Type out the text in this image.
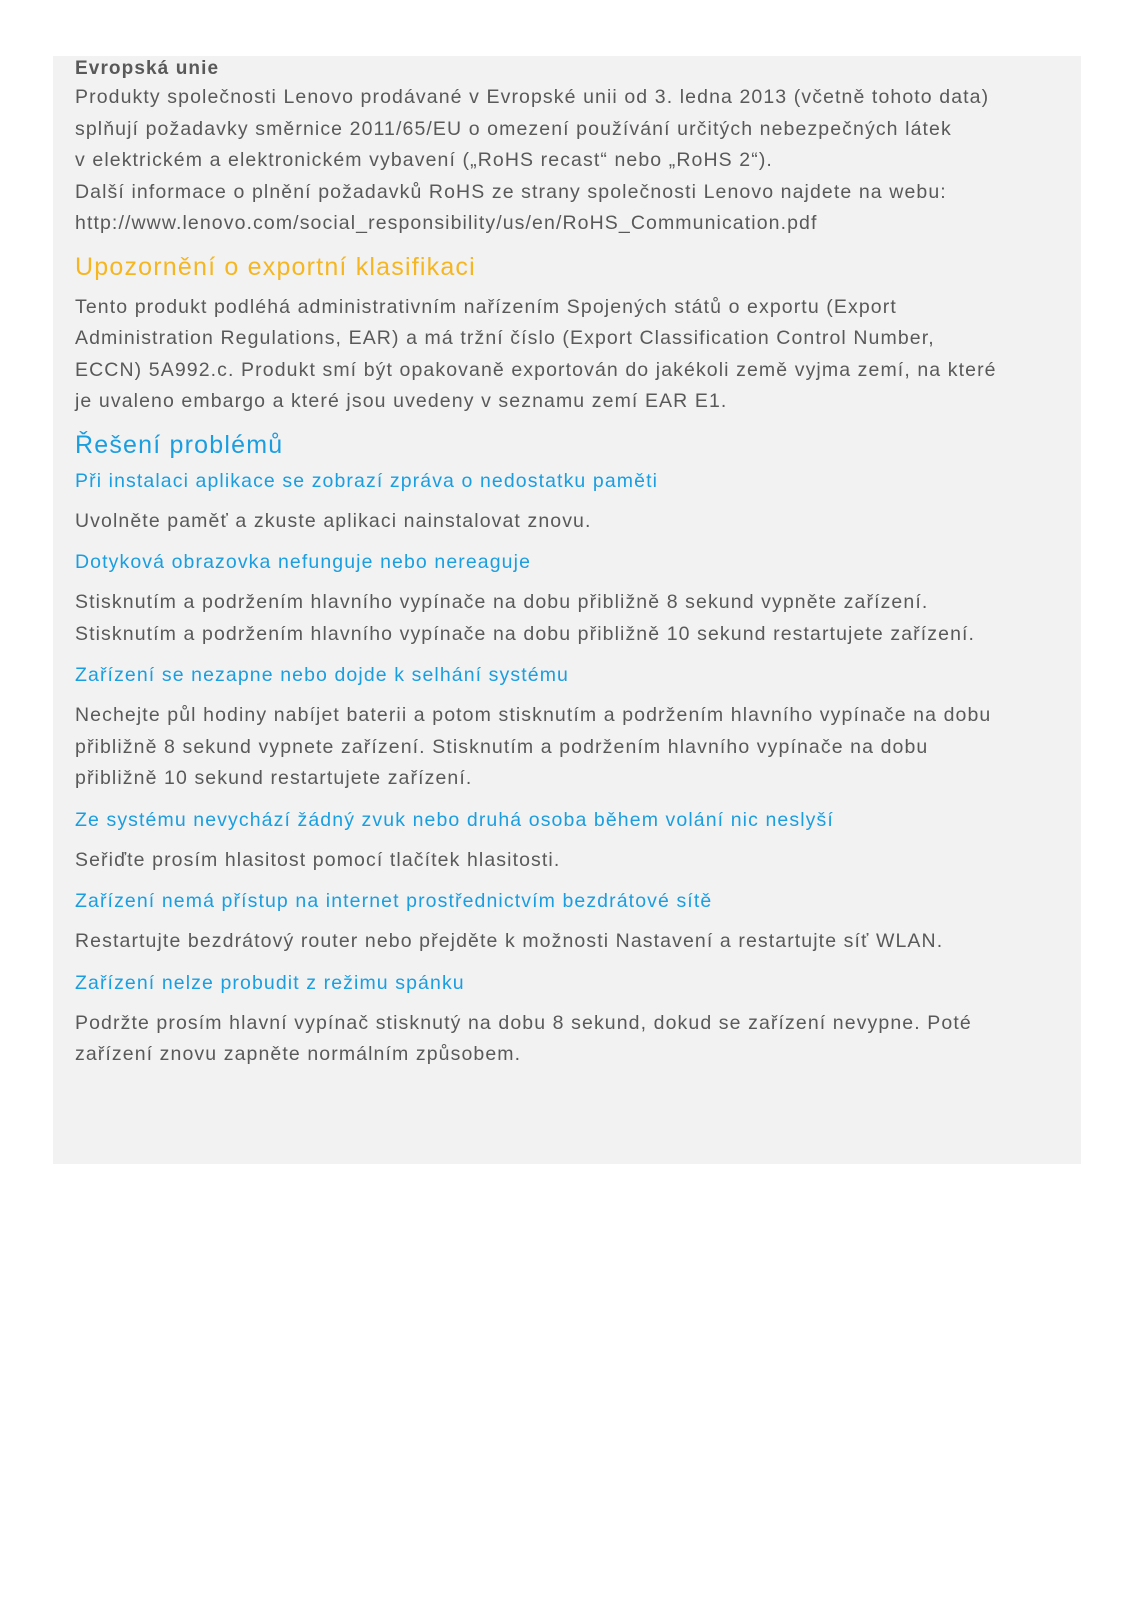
Evropská unie
Produkty společnosti Lenovo prodávané v Evropské unii od 3. ledna 2013 (včetně tohoto data)
splňují požadavky směrnice 2011/65/EU o omezení používání určitých nebezpečných látek
v elektrickém a elektronickém vybavení („RoHS recast“ nebo „RoHS 2“).
Další informace o plnění požadavků RoHS ze strany společnosti Lenovo najdete na webu:
http://www.lenovo.com/social_responsibility/us/en/RoHS_Communication.pdf
Upozornění o exportní klasifikaci
Tento produkt podléhá administrativním nařízením Spojených států o exportu (Export
Administration Regulations, EAR) a má tržní číslo (Export Classification Control Number,
ECCN) 5A992.c. Produkt smí být opakovaně exportován do jakékoli země vyjma zemí, na které
je uvaleno embargo a které jsou uvedeny v seznamu zemí EAR E1.
Řešení problémů
Při instalaci aplikace se zobrazí zpráva o nedostatku paměti
Uvolněte paměť a zkuste aplikaci nainstalovat znovu.
Dotyková obrazovka nefunguje nebo nereaguje
Stisknutím a podržením hlavního vypínače na dobu přibližně 8 sekund vypněte zařízení.
Stisknutím a podržením hlavního vypínače na dobu přibližně 10 sekund restartujete zařízení.
Zařízení se nezapne nebo dojde k selhání systému
Nechejte půl hodiny nabíjet baterii a potom stisknutím a podržením hlavního vypínače na dobu
přibližně 8 sekund vypnete zařízení. Stisknutím a podržením hlavního vypínače na dobu
přibližně 10 sekund restartujete zařízení.
Ze systému nevychází žádný zvuk nebo druhá osoba během volání nic neslyší
Seřiďte prosím hlasitost pomocí tlačítek hlasitosti.
Zařízení nemá přístup na internet prostřednictvím bezdrátové sítě
Restartujte bezdrátový router nebo přejděte k možnosti Nastavení a restartujte síť WLAN.
Zařízení nelze probudit z režimu spánku
Podržte prosím hlavní vypínač stisknutý na dobu 8 sekund, dokud se zařízení nevypne. Poté
zařízení znovu zapněte normálním způsobem.
